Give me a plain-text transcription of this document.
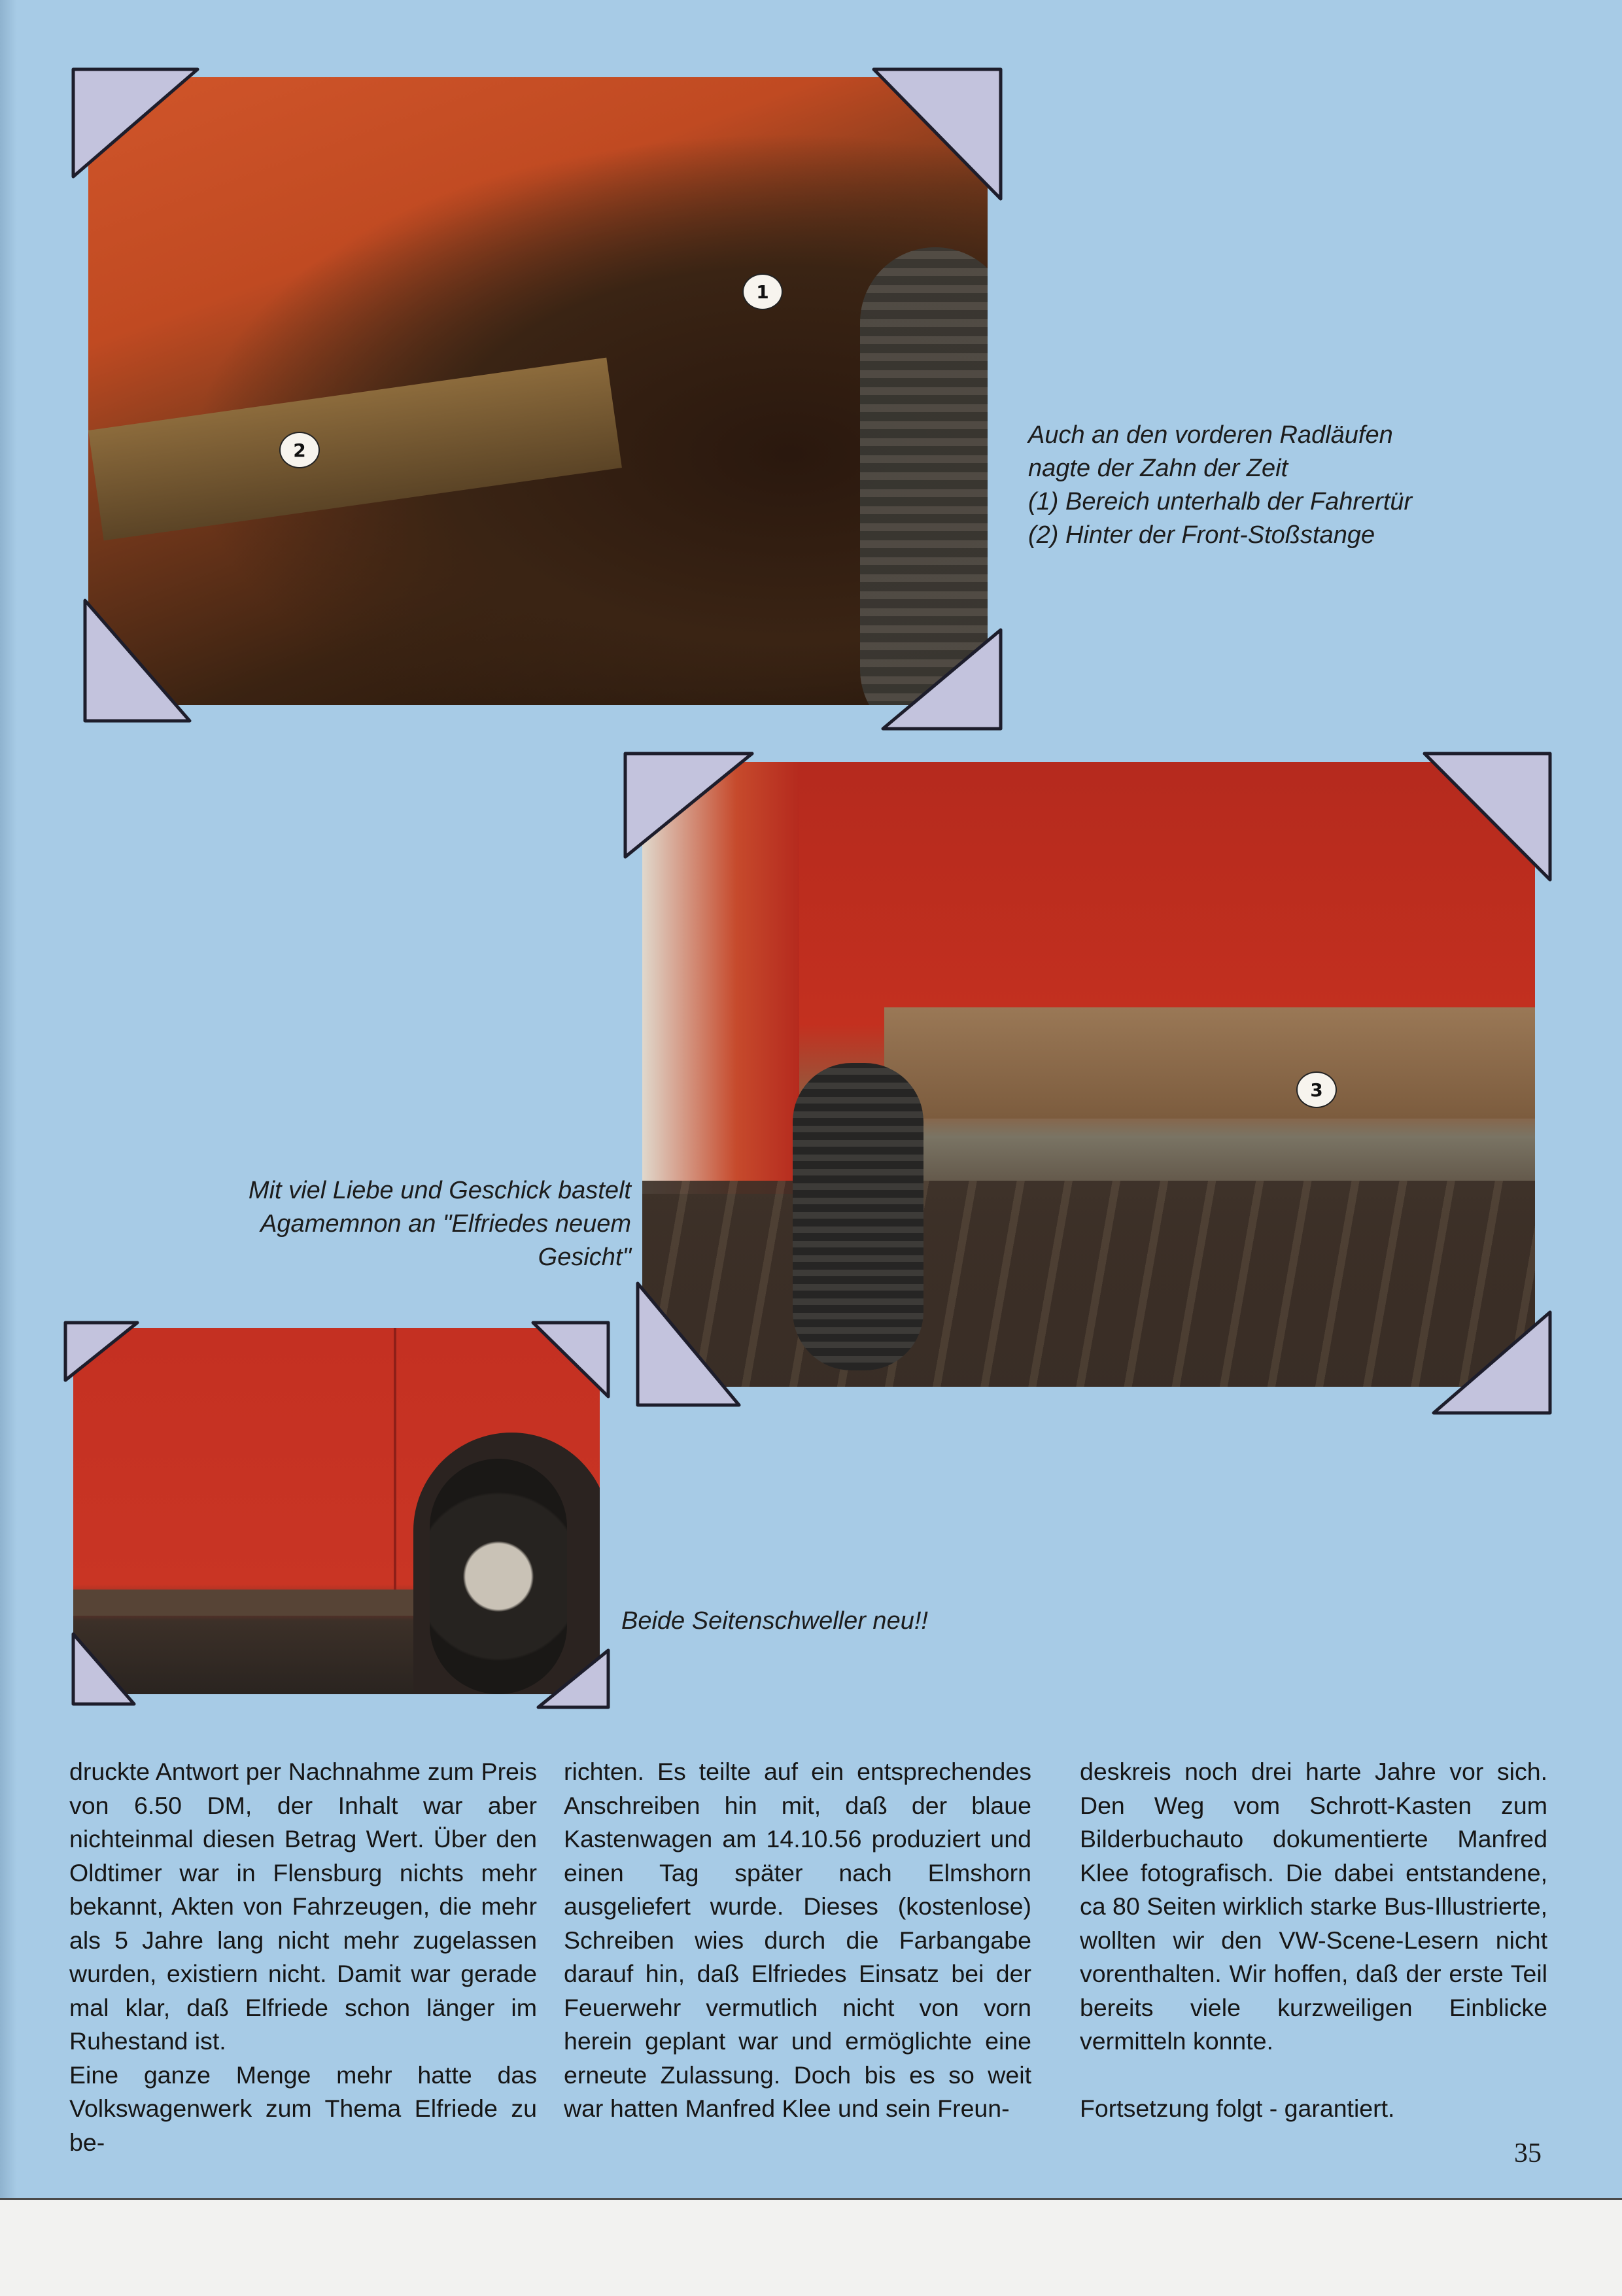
1
2
3
Auch an den vorderen Radläufen
nagte der Zahn der Zeit
(1) Bereich unterhalb der Fahrertür
(2) Hinter der Front-Stoßstange
Mit viel Liebe und Geschick bastelt
Agamemnon an "Elfriedes neuem
Gesicht"
Beide Seitenschweller neu!!

druckte Antwort per Nachnahme zum Preis von 6.50 DM, der Inhalt war aber nichteinmal diesen Betrag Wert. Über den Oldtimer war in Flensburg nichts mehr bekannt, Akten von Fahrzeugen, die mehr als 5 Jahre lang nicht mehr zugelassen wurden, existiern nicht. Damit war gerade mal klar, daß Elfriede schon länger im Ruhestand ist.

Eine ganze Menge mehr hatte das Volkswagenwerk zum Thema Elfriede zu be-

richten. Es teilte auf ein entsprechendes Anschreiben hin mit, daß der blaue Kastenwagen am 14.10.56 produziert und einen Tag später nach Elmshorn ausgeliefert wurde. Dieses (kostenlose) Schreiben wies durch die Farbangabe darauf hin, daß Elfriedes Einsatz bei der Feuerwehr vermutlich nicht von vorn herein geplant war und ermöglichte eine erneute Zulassung. Doch bis es so weit war hatten Manfred Klee und sein Freun-

deskreis noch drei harte Jahre vor sich. Den Weg vom Schrott-Kasten zum Bilderbuchauto dokumentierte Manfred Klee fotografisch. Die dabei entstandene, ca 80 Seiten wirklich starke Bus-Illustrierte, wollten wir den VW-Scene-Lesern nicht vorenthalten. Wir hoffen, daß der erste Teil bereits viele kurzweiligen Einblicke vermitteln konnte.

Fortsetzung folgt - garantiert.

35
